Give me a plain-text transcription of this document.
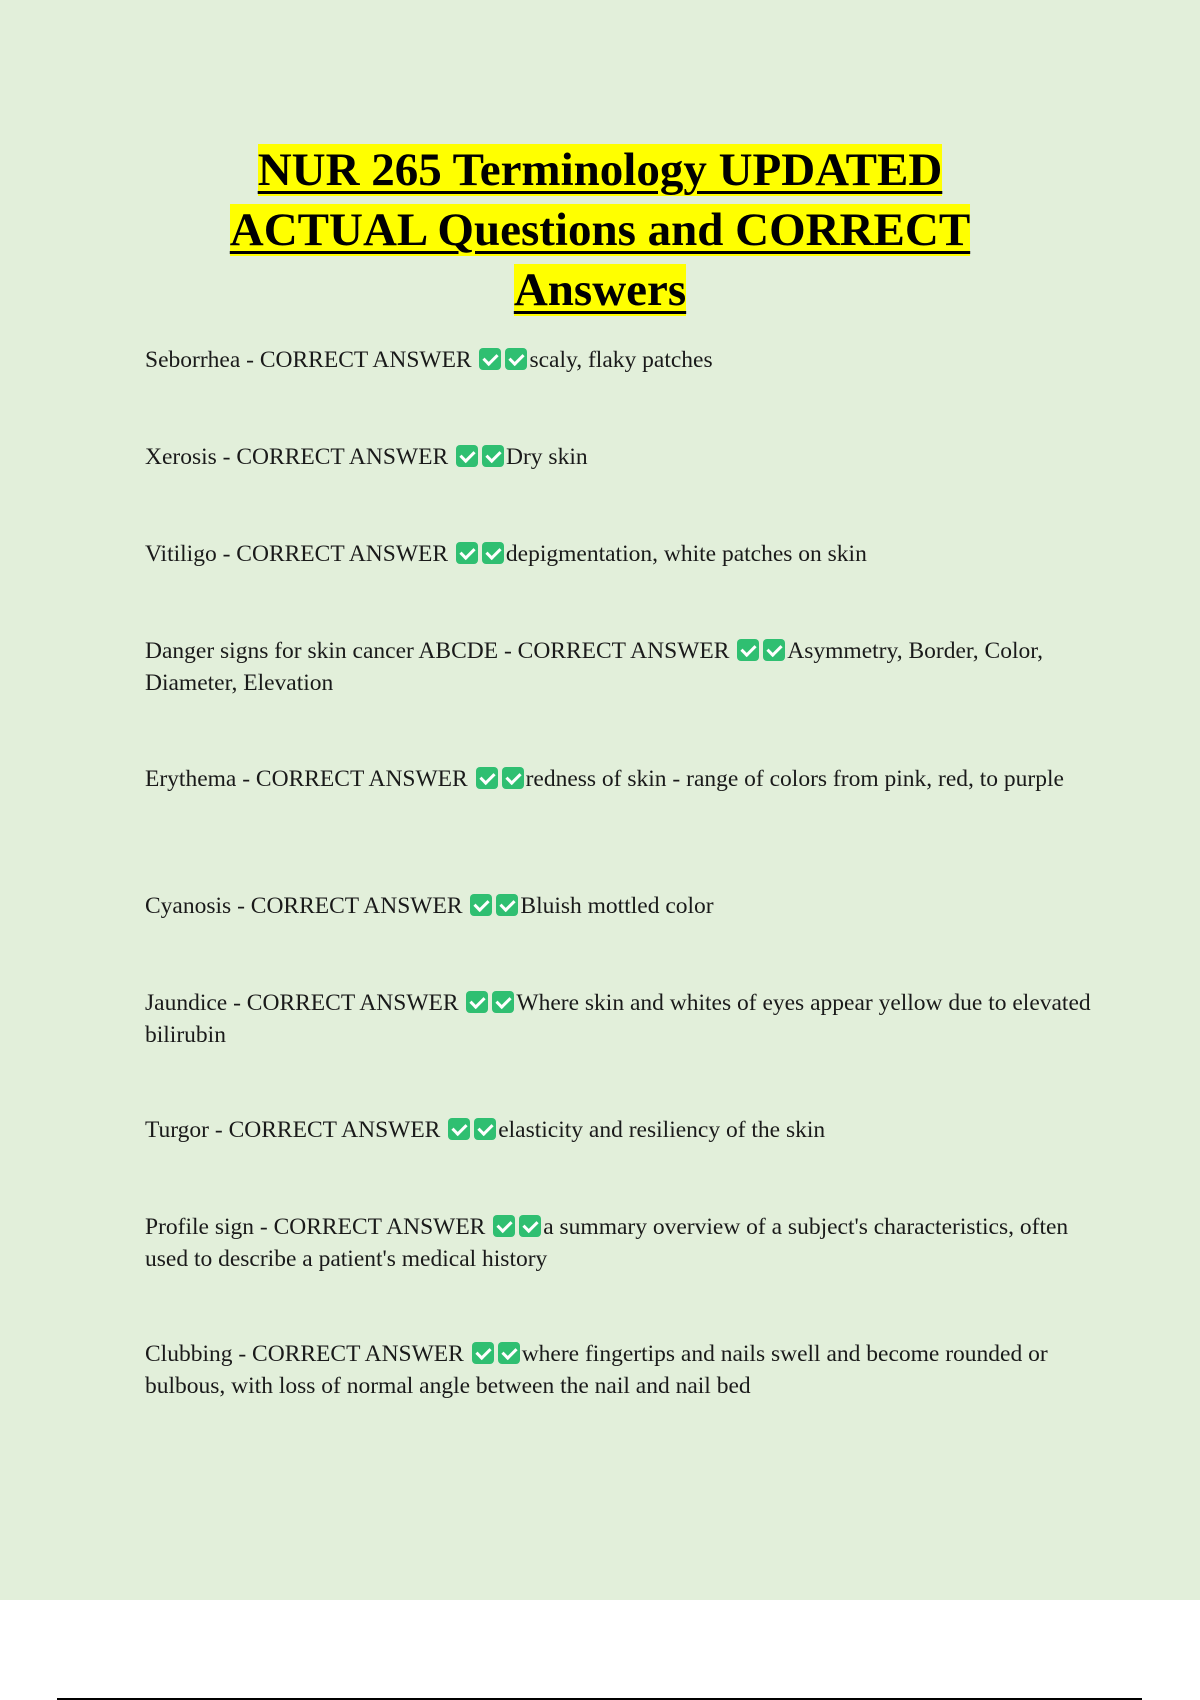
NUR 265 Terminology UPDATED
ACTUAL Questions and CORRECT
Answers
Seborrhea - CORRECT ANSWER scaly, flaky patches
Xerosis - CORRECT ANSWER Dry skin
Vitiligo - CORRECT ANSWER depigmentation, white patches on skin
Danger signs for skin cancer ABCDE - CORRECT ANSWER Asymmetry, Border, Color, Diameter, Elevation
Erythema - CORRECT ANSWER redness of skin - range of colors from pink, red, to purple
Cyanosis - CORRECT ANSWER Bluish mottled color
Jaundice - CORRECT ANSWER Where skin and whites of eyes appear yellow due to elevated bilirubin
Turgor - CORRECT ANSWER elasticity and resiliency of the skin
Profile sign - CORRECT ANSWER a summary overview of a subject's characteristics, often used to describe a patient's medical history
Clubbing - CORRECT ANSWER where fingertips and nails swell and become rounded or bulbous, with loss of normal angle between the nail and nail bed
